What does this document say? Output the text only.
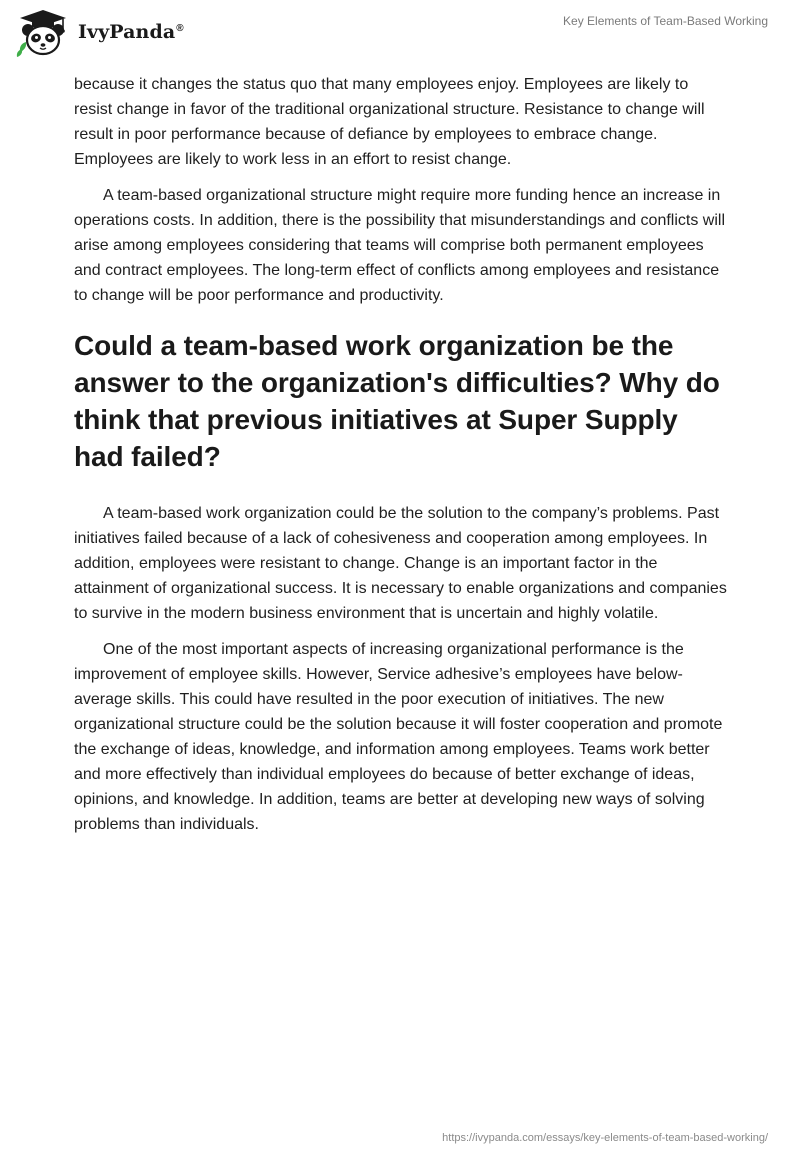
IvyPanda®
Key Elements of Team-Based Working

because it changes the status quo that many employees enjoy. Employees are likely to resist change in favor of the traditional organizational structure. Resistance to change will result in poor performance because of defiance by employees to embrace change. Employees are likely to work less in an effort to resist change.

A team-based organizational structure might require more funding hence an increase in operations costs. In addition, there is the possibility that misunderstandings and conflicts will arise among employees considering that teams will comprise both permanent employees and contract employees. The long-term effect of conflicts among employees and resistance to change will be poor performance and productivity.

Could a team-based work organization be the answer to the organization's difficulties? Why do think that previous initiatives at Super Supply had failed?

A team-based work organization could be the solution to the company’s problems. Past initiatives failed because of a lack of cohesiveness and cooperation among employees. In addition, employees were resistant to change. Change is an important factor in the attainment of organizational success. It is necessary to enable organizations and companies to survive in the modern business environment that is uncertain and highly volatile.

One of the most important aspects of increasing organizational performance is the improvement of employee skills. However, Service adhesive’s employees have below-average skills. This could have resulted in the poor execution of initiatives. The new organizational structure could be the solution because it will foster cooperation and promote the exchange of ideas, knowledge, and information among employees. Teams work better and more effectively than individual employees do because of better exchange of ideas, opinions, and knowledge. In addition, teams are better at developing new ways of solving problems than individuals.

https://ivypanda.com/essays/key-elements-of-team-based-working/
